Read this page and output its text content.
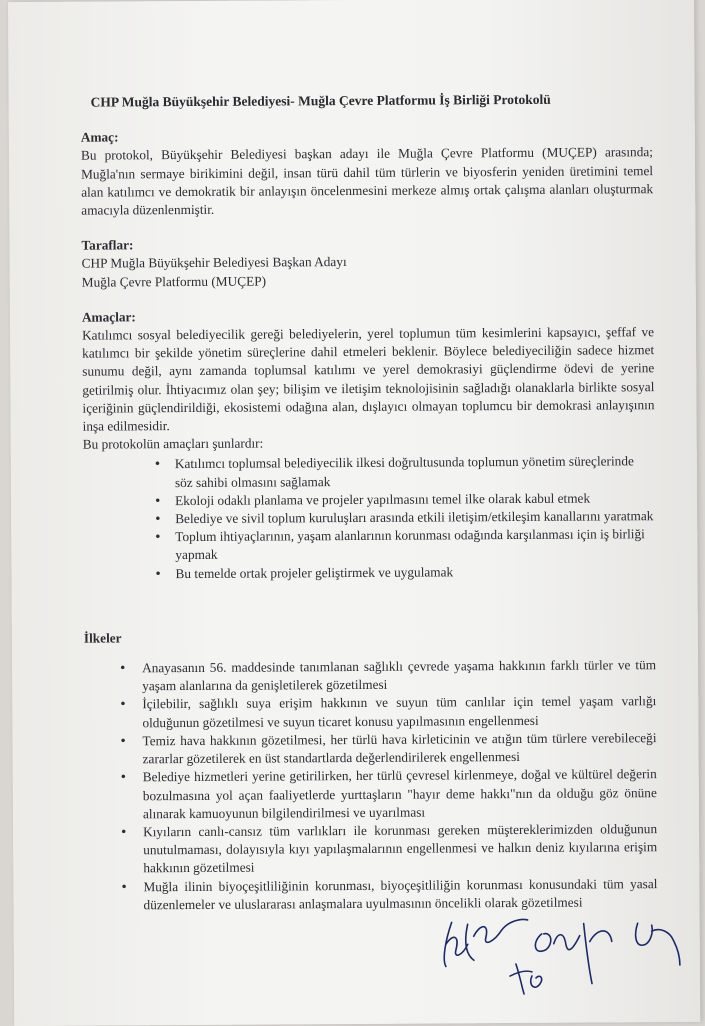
CHP Muğla Büyükşehir Belediyesi- Muğla Çevre Platformu İş Birliği Protokolü
Amaç:

Bu protokol, Büyükşehir Belediyesi başkan adayı ile Muğla Çevre Platformu (MUÇEP) arasında; Muğla'nın sermaye birikimini değil, insan türü dahil tüm türlerin ve biyosferin yeniden üretimini temel alan katılımcı ve demokratik bir anlayışın öncelenmesini merkeze almış ortak çalışma alanları oluşturmak amacıyla düzenlenmiştir.

Taraflar:
CHP Muğla Büyükşehir Belediyesi Başkan Adayı
Muğla Çevre Platformu (MUÇEP)
Amaçlar:

Katılımcı sosyal belediyecilik gereği belediyelerin, yerel toplumun tüm kesimlerini kapsayıcı, şeffaf ve katılımcı bir şekilde yönetim süreçlerine dahil etmeleri beklenir. Böylece belediyeciliğin sadece hizmet sunumu değil, aynı zamanda toplumsal katılımı ve yerel demokrasiyi güçlendirme ödevi de yerine getirilmiş olur. İhtiyacımız olan şey; bilişim ve iletişim teknolojisinin sağladığı olanaklarla birlikte sosyal içeriğinin güçlendirildiği, ekosistemi odağına alan, dışlayıcı olmayan toplumcu bir demokrasi anlayışının inşa edilmesidir.

Bu protokolün amaçları şunlardır:
• Katılımcı toplumsal belediyecilik ilkesi doğrultusunda toplumun yönetim süreçlerinde söz sahibi olmasını sağlamak
• Ekoloji odaklı planlama ve projeler yapılmasını temel ilke olarak kabul etmek
• Belediye ve sivil toplum kuruluşları arasında etkili iletişim/etkileşim kanallarını yaratmak
• Toplum ihtiyaçlarının, yaşam alanlarının korunması odağında karşılanması için iş birliği yapmak
• Bu temelde ortak projeler geliştirmek ve uygulamak
İlkeler
• Anayasanın 56. maddesinde tanımlanan sağlıklı çevrede yaşama hakkının farklı türler ve tüm yaşam alanlarına da genişletilerek gözetilmesi
• İçilebilir, sağlıklı suya erişim hakkının ve suyun tüm canlılar için temel yaşam varlığı olduğunun gözetilmesi ve suyun ticaret konusu yapılmasının engellenmesi
• Temiz hava hakkının gözetilmesi, her türlü hava kirleticinin ve atığın tüm türlere verebileceği zararlar gözetilerek en üst standartlarda değerlendirilerek engellenmesi
• Belediye hizmetleri yerine getirilirken, her türlü çevresel kirlenmeye, doğal ve kültürel değerin bozulmasına yol açan faaliyetlerde yurttaşların "hayır deme hakkı"nın da olduğu göz önüne alınarak kamuoyunun bilgilendirilmesi ve uyarılması
• Kıyıların canlı-cansız tüm varlıkları ile korunması gereken müştereklerimizden olduğunun unutulmaması, dolayısıyla kıyı yapılaşmalarının engellenmesi ve halkın deniz kıyılarına erişim hakkının gözetilmesi
• Muğla ilinin biyoçeşitliliğinin korunması, biyoçeşitliliğin korunması konusundaki tüm yasal düzenlemeler ve uluslararası anlaşmalara uyulmasının öncelikli olarak gözetilmesi
